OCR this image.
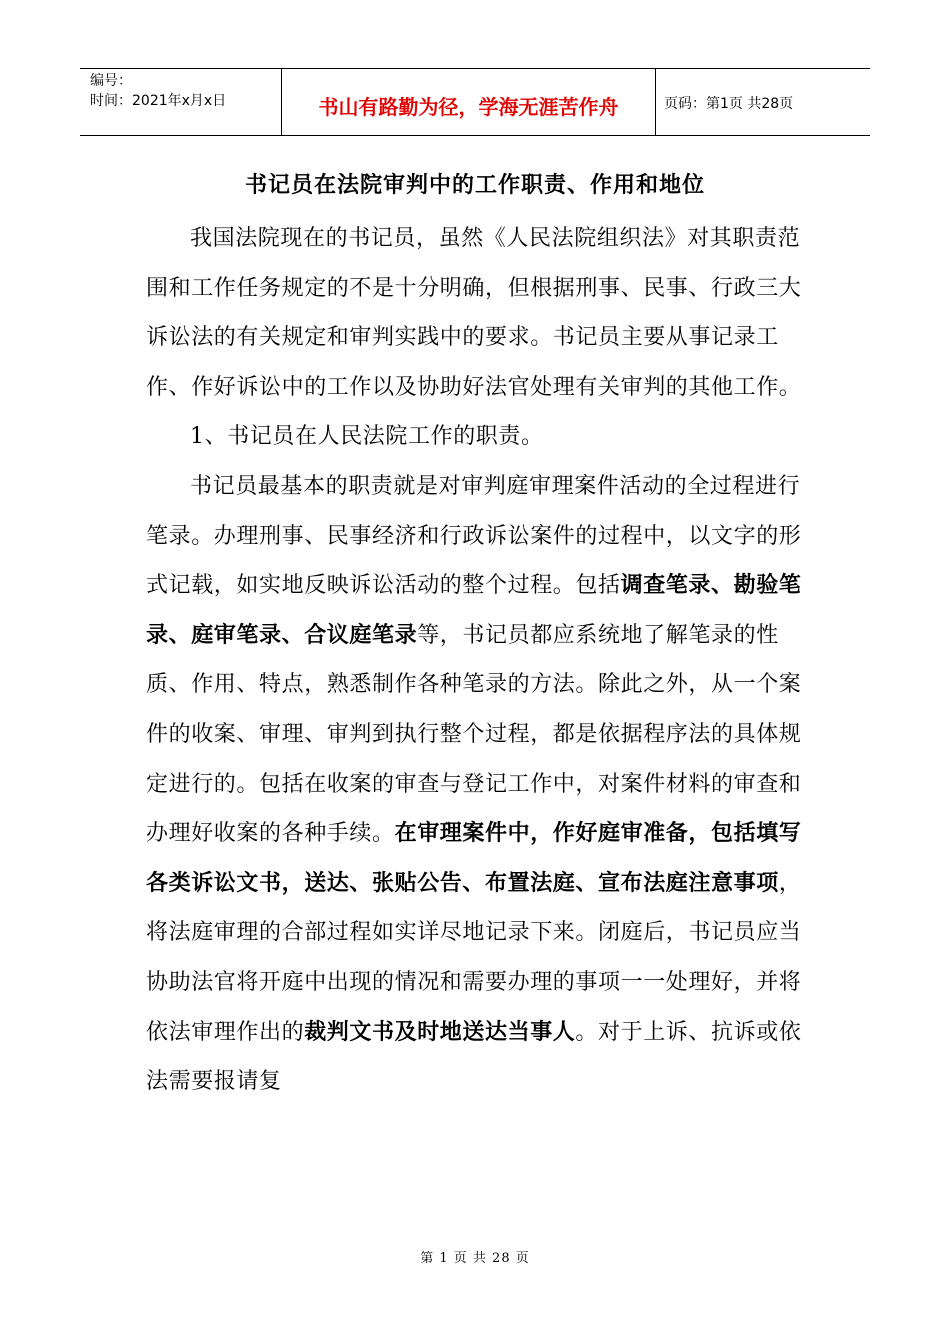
编号：
时间：2021年x月x日	书山有路勤为径，学海无涯苦作舟	页码：第1页 共28页
书记员在法院审判中的工作职责、作用和地位

我国法院现在的书记员，虽然《人民法院组织法》对其职责范围和工作任务规定的不是十分明确，但根据刑事、民事、行政三大诉讼法的有关规定和审判实践中的要求。书记员主要从事记录工作、作好诉讼中的工作以及协助好法官处理有关审判的其他工作。

1、书记员在人民法院工作的职责。

书记员最基本的职责就是对审判庭审理案件活动的全过程进行笔录。办理刑事、民事经济和行政诉讼案件的过程中，以文字的形式记载，如实地反映诉讼活动的整个过程。包括调查笔录、勘验笔录、庭审笔录、合议庭笔录等，书记员都应系统地了解笔录的性质、作用、特点，熟悉制作各种笔录的方法。除此之外，从一个案件的收案、审理、审判到执行整个过程，都是依据程序法的具体规定进行的。包括在收案的审查与登记工作中，对案件材料的审查和办理好收案的各种手续。在审理案件中，作好庭审准备，包括填写各类诉讼文书，送达、张贴公告、布置法庭、宣布法庭注意事项，将法庭审理的合部过程如实详尽地记录下来。闭庭后，书记员应当协助法官将开庭中出现的情况和需要办理的事项一一处理好，并将依法审理作出的裁判文书及时地送达当事人。对于上诉、抗诉或依法需要报请复

第 1 页 共 28 页
